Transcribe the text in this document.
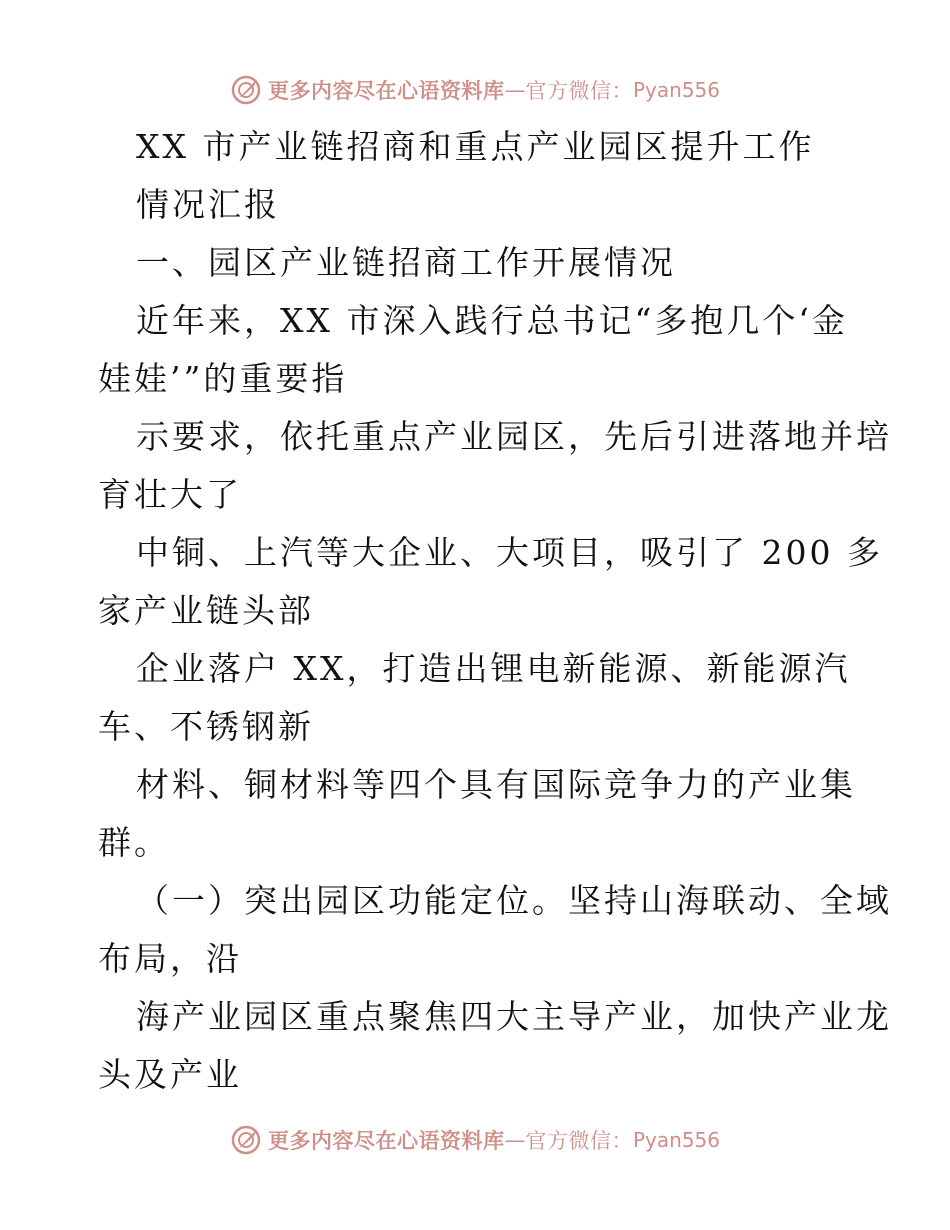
更多内容尽在心语资料库 — 官方微信： Pyan556
XX 市产业链招商和重点产业园区提升工作
情况汇报
一、园区产业链招商工作开展情况
近年来，XX 市深入践行总书记“多抱几个‘金
娃娃’”的重要指
示要求，依托重点产业园区，先后引进落地并培
育壮大了
中铜、上汽等大企业、大项目，吸引了 200 多
家产业链头部
企业落户 XX，打造出锂电新能源、新能源汽
车、不锈钢新
材料、铜材料等四个具有国际竞争力的产业集
群。
（一）突出园区功能定位。坚持山海联动、全域
布局，沿
海产业园区重点聚焦四大主导产业，加快产业龙
头及产业
更多内容尽在心语资料库 — 官方微信： Pyan556
